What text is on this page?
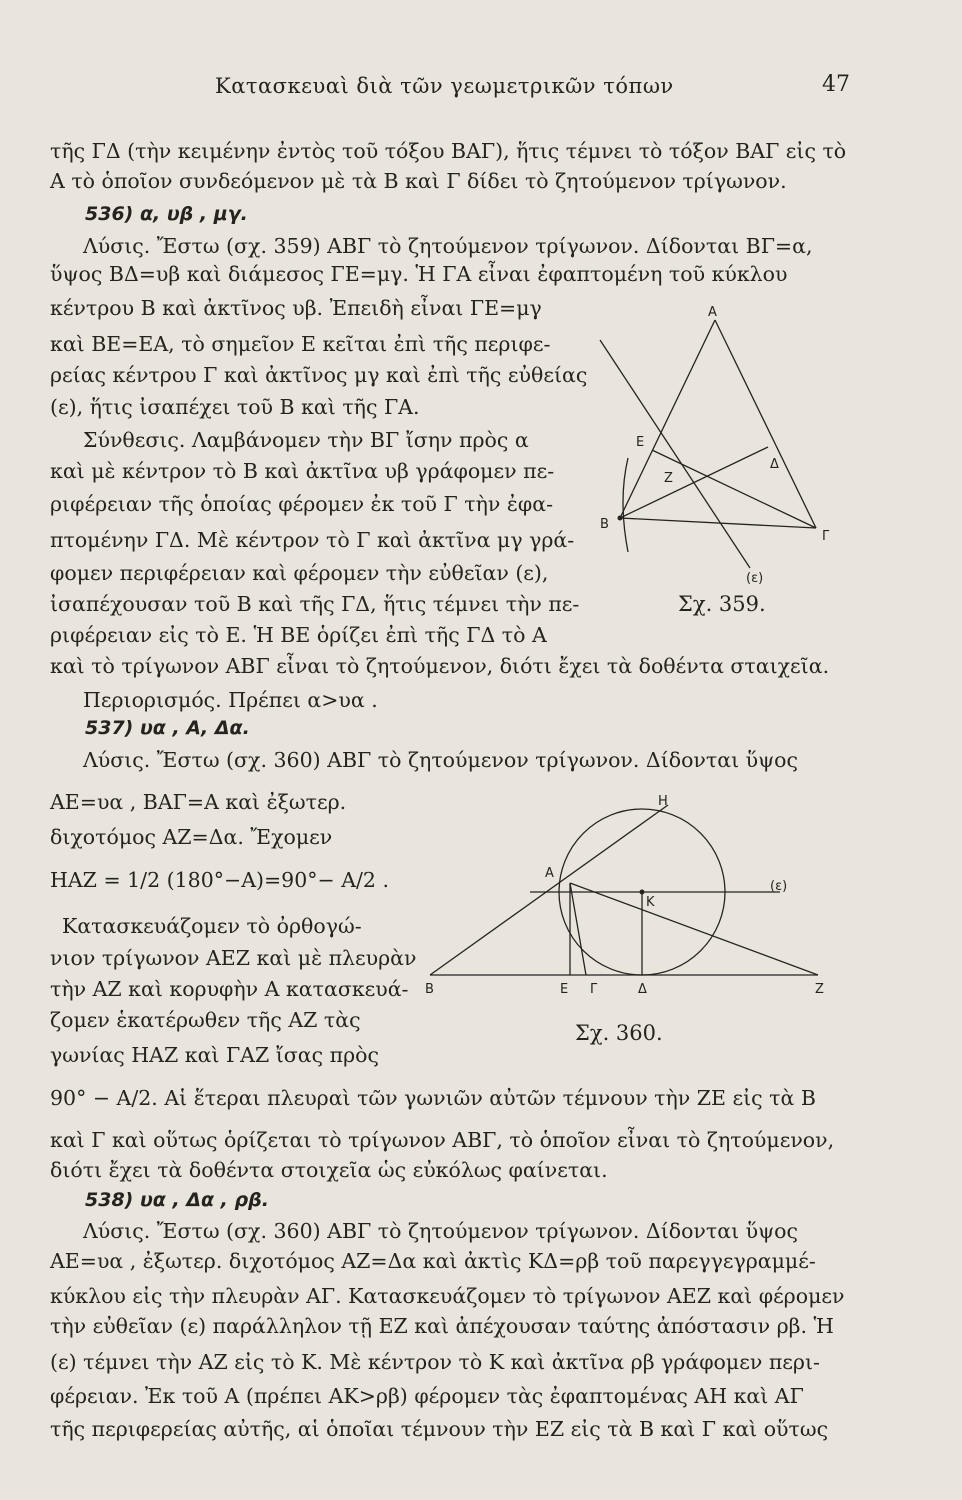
Κατασκευαὶ διὰ τῶν γεωμετρικῶν τόπων	47
τῆς ΓΔ (τὴν κειμένην ἐντὸς τοῦ τόξου ΒΑΓ), ἥτις τέμνει τὸ τόξον ΒΑΓ εἰς τὸ
Α τὸ ὁποῖον συνδεόμενον μὲ τὰ Β καὶ Γ δίδει τὸ ζητούμενον τρίγωνον.
536) α, υβ , μγ.
Λύσις. Ἔστω (σχ. 359) ΑΒΓ τὸ ζητούμενον τρίγωνον. Δίδονται ΒΓ=α,
ὕψος ΒΔ=υβ καὶ διάμεσος ΓΕ=μγ. Ἡ ΓΑ εἶναι ἐφαπτομένη τοῦ κύκλου
κέντρου Β καὶ ἀκτῖνος υβ. Ἐπειδὴ εἶναι ΓΕ=μγ
καὶ ΒΕ=ΕΑ, τὸ σημεῖον Ε κεῖται ἐπὶ τῆς περιφε-
ρείας κέντρου Γ καὶ ἀκτῖνος μγ καὶ ἐπὶ τῆς εὐθείας
(ε), ἥτις ἰσαπέχει τοῦ Β καὶ τῆς ΓΑ.
Σύνθεσις. Λαμβάνομεν τὴν ΒΓ ἴσην πρὸς α
καὶ μὲ κέντρον τὸ Β καὶ ἀκτῖνα υβ γράφομεν πε-
ριφέρειαν τῆς ὁποίας φέρομεν ἐκ τοῦ Γ τὴν ἐφα-
πτομένην ΓΔ. Μὲ κέντρον τὸ Γ καὶ ἀκτῖνα μγ γρά-
φομεν περιφέρειαν καὶ φέρομεν τὴν εὐθεῖαν (ε),
ἰσαπέχουσαν τοῦ Β καὶ τῆς ΓΔ, ἥτις τέμνει τὴν πε-
ριφέρειαν εἰς τὸ Ε. Ἡ ΒΕ ὁρίζει ἐπὶ τῆς ΓΔ τὸ Α
καὶ τὸ τρίγωνον ΑΒΓ εἶναι τὸ ζητούμενον, διότι ἔχει τὰ δοθέντα σταιχεῖα.
Περιορισμός. Πρέπει α>υα .
537) υα , Α, Δα.
Λύσις. Ἔστω (σχ. 360) ΑΒΓ τὸ ζητούμενον τρίγωνον. Δίδονται ὕψος
ΑΕ=υα , ΒΑΓ=Α καὶ ἐξωτερ.
διχοτόμος ΑΖ=Δα. Ἔχομεν
ΗΑΖ = 1/2 (180°−Α)=90°− Α/2 .
Κατασκευάζομεν τὸ ὀρθογώ-
νιον τρίγωνον ΑΕΖ καὶ μὲ πλευρὰν
τὴν ΑΖ καὶ κορυφὴν Α κατασκευά-
ζομεν ἑκατέρωθεν τῆς ΑΖ τὰς
γωνίας ΗΑΖ καὶ ΓΑΖ ἴσας πρὸς
90° − Α/2. Αἱ ἕτεραι πλευραὶ τῶν γωνιῶν αὐτῶν τέμνουν τὴν ΖΕ εἰς τὰ Β
καὶ Γ καὶ οὕτως ὁρίζεται τὸ τρίγωνον ΑΒΓ, τὸ ὁποῖον εἶναι τὸ ζητούμενον,
διότι ἔχει τὰ δοθέντα στοιχεῖα ὡς εὐκόλως φαίνεται.
538) υα , Δα , ρβ.
Λύσις. Ἔστω (σχ. 360) ΑΒΓ τὸ ζητούμενον τρίγωνον. Δίδονται ὕψος
ΑΕ=υα , ἐξωτερ. διχοτόμος ΑΖ=Δα καὶ ἀκτὶς ΚΔ=ρβ τοῦ παρεγγεγραμμέ-
κύκλου εἰς τὴν πλευρὰν ΑΓ. Κατασκευάζομεν τὸ τρίγωνον ΑΕΖ καὶ φέρομεν
τὴν εὐθεῖαν (ε) παράλληλον τῇ ΕΖ καὶ ἀπέχουσαν ταύτης ἀπόστασιν ρβ. Ἡ
(ε) τέμνει τὴν ΑΖ εἰς τὸ Κ. Μὲ κέντρον τὸ Κ καὶ ἀκτῖνα ρβ γράφομεν περι-
φέρειαν. Ἐκ τοῦ Α (πρέπει ΑΚ>ρβ) φέρομεν τὰς ἐφαπτομένας ΑΗ καὶ ΑΓ
τῆς περιφερείας αὐτῆς, αἱ ὁποῖαι τέμνουν τὴν ΕΖ εἰς τὰ Β καὶ Γ καὶ οὕτως
A
E
Δ
Z
B
Γ
(ε)
Σχ. 359.
H
A
K
(ε)
B	E Γ	Δ	Z
Σχ. 360.
